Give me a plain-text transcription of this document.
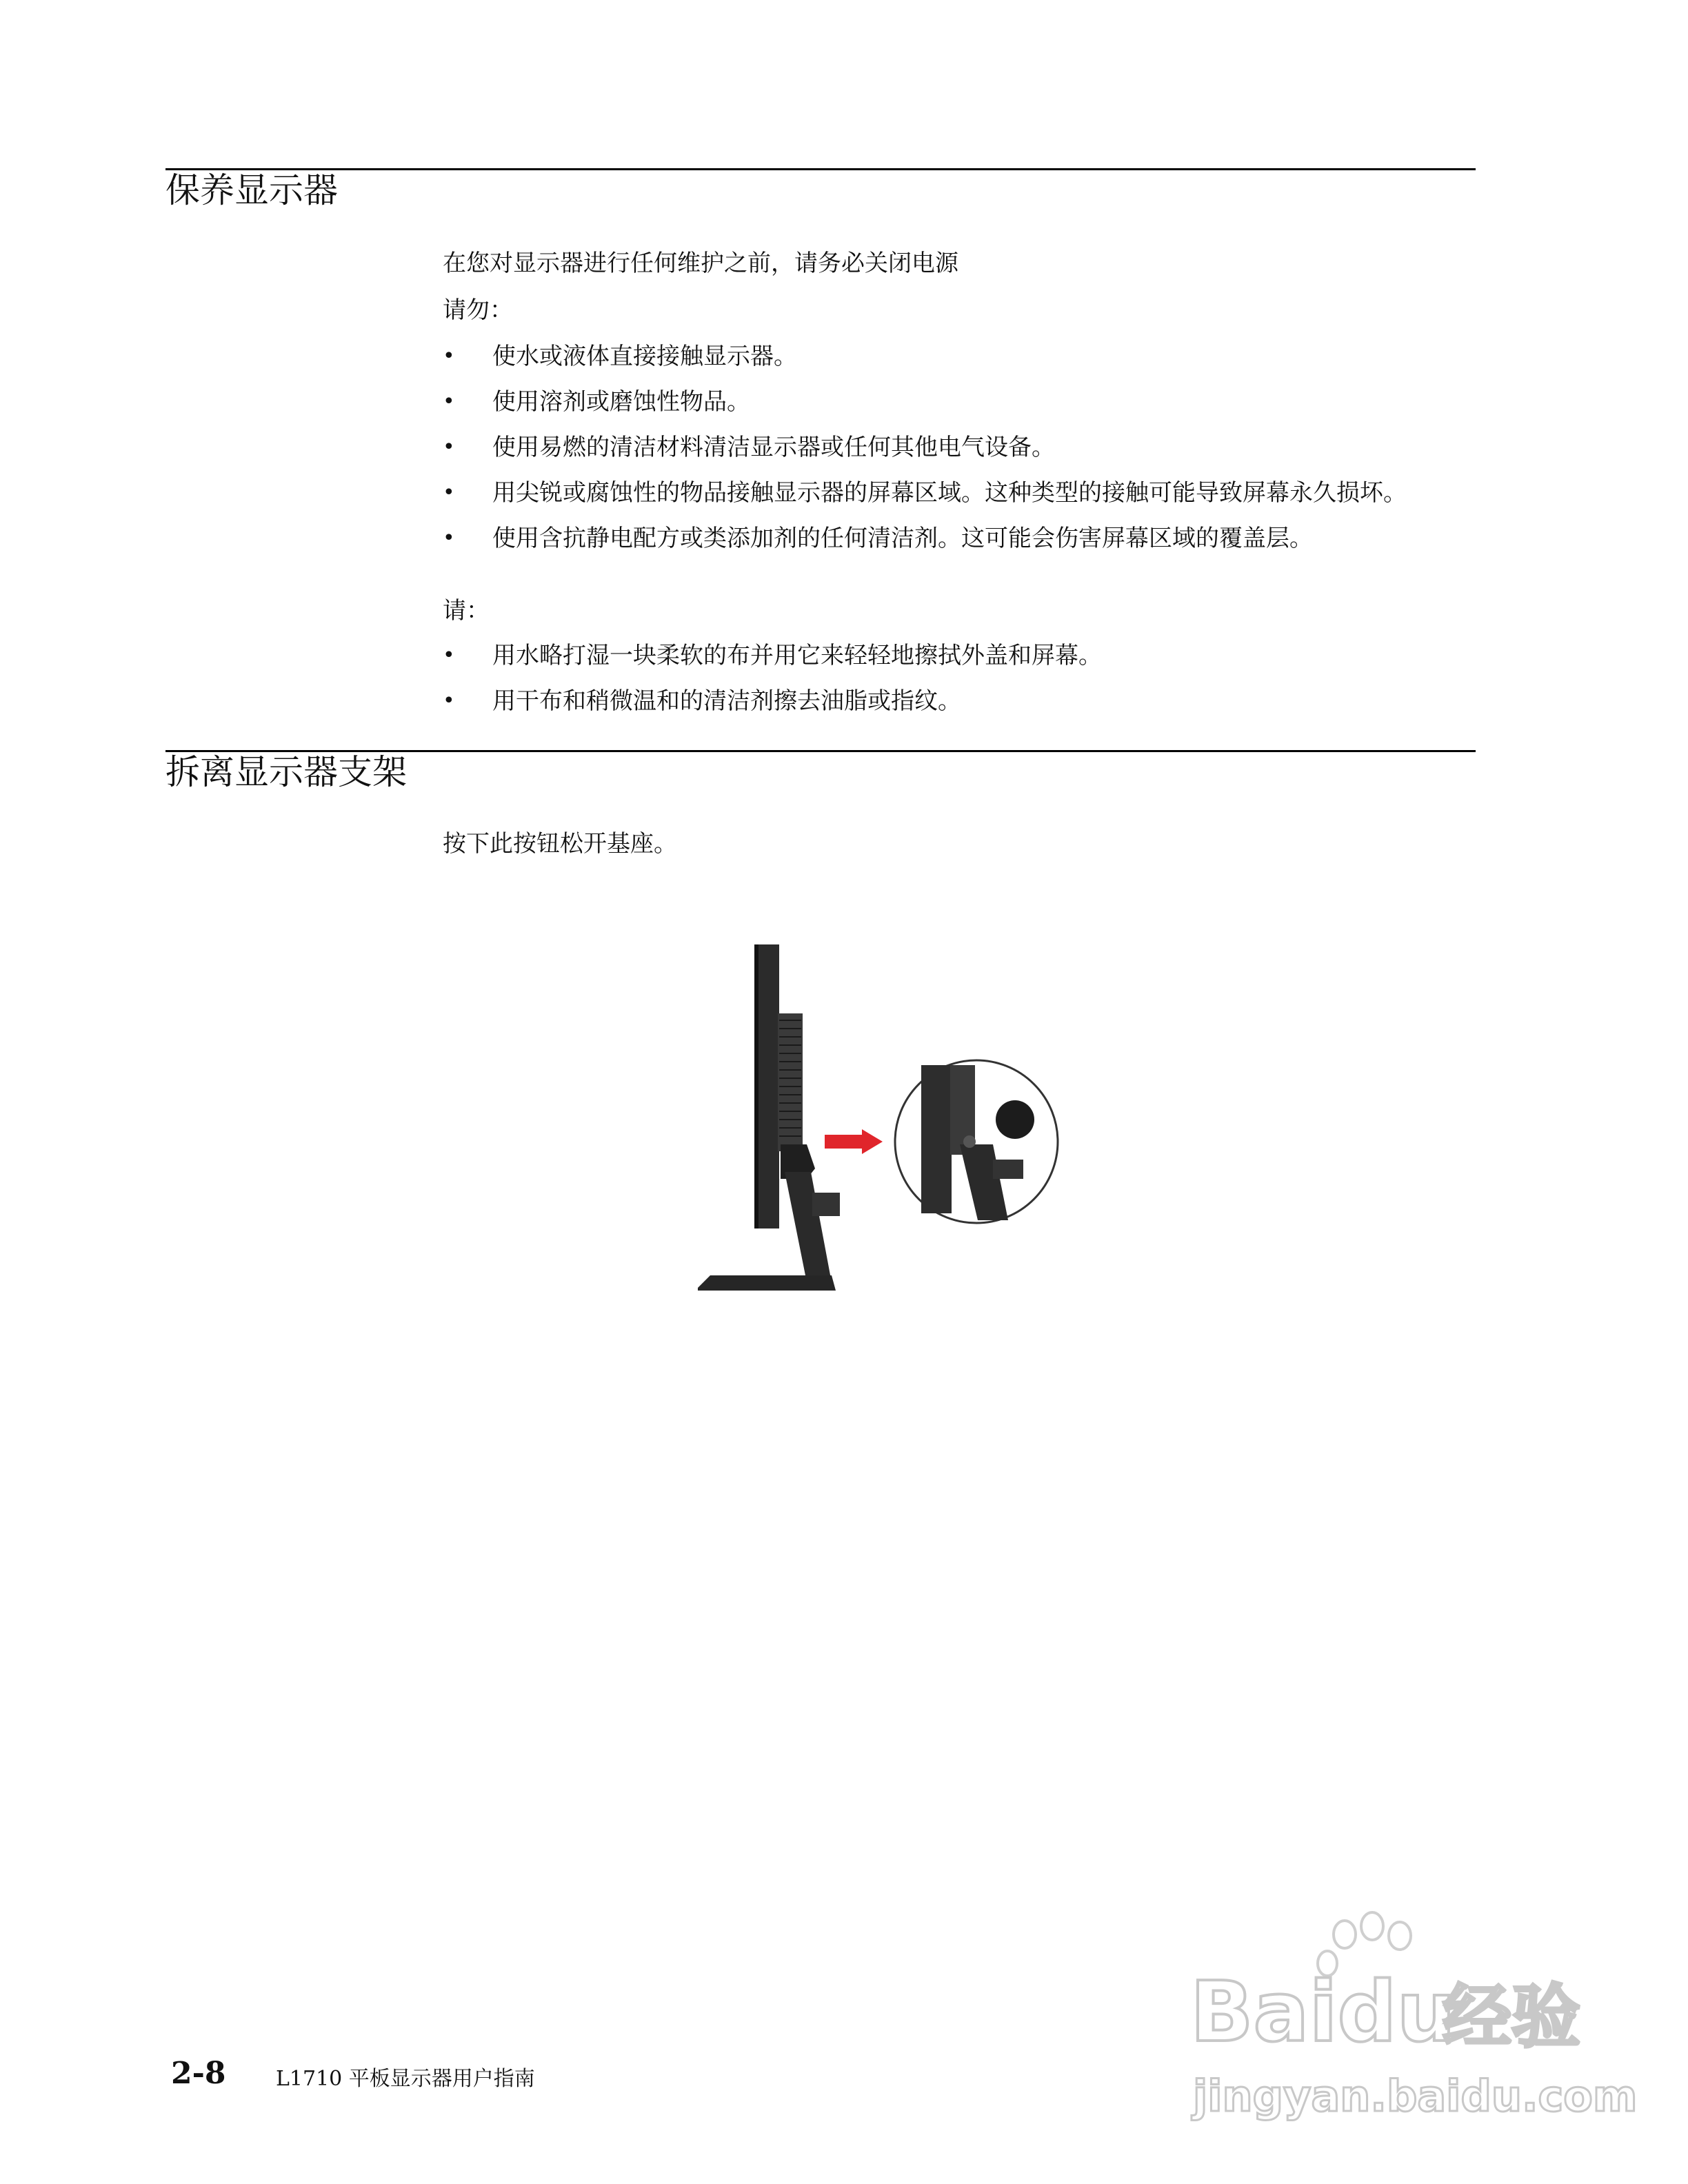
保养显示器

在您对显示器进行任何维护之前，请务必关闭电源

请勿：

• 使水或液体直接接触显示器。
• 使用溶剂或磨蚀性物品。
• 使用易燃的清洁材料清洁显示器或任何其他电气设备。
• 用尖锐或腐蚀性的物品接触显示器的屏幕区域。这种类型的接触可能导致屏幕永久损坏。
• 使用含抗静电配方或类添加剂的任何清洁剂。这可能会伤害屏幕区域的覆盖层。

请：

• 用水略打湿一块柔软的布并用它来轻轻地擦拭外盖和屏幕。
• 用干布和稍微温和的清洁剂擦去油脂或指纹。
拆离显示器支架

按下此按钮松开基座。

2-8 L1710 平板显示器用户指南
Baidu
经验
jingyan.baidu.com
